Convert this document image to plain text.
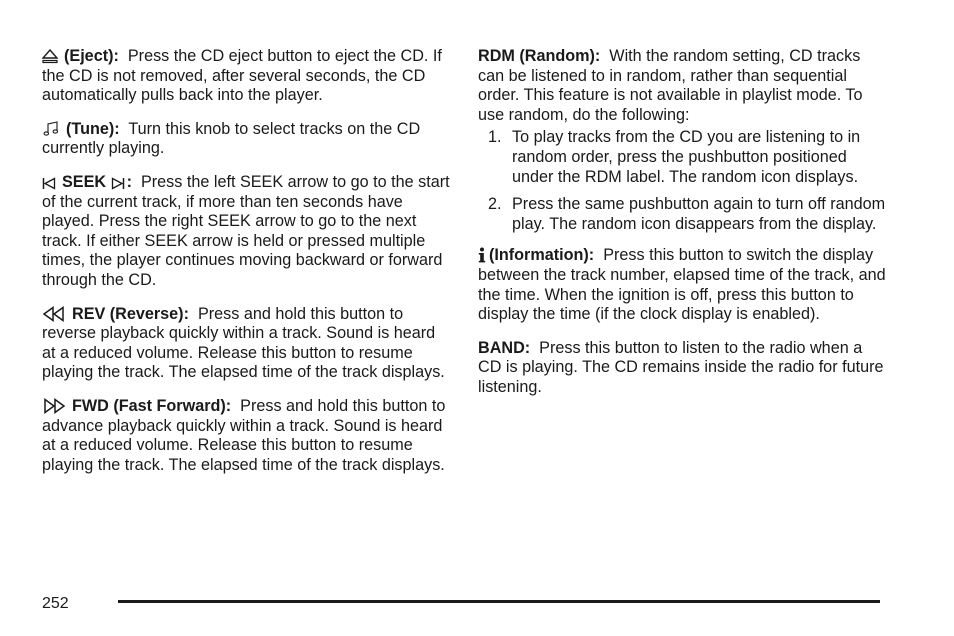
(Eject): Press the CD eject button to eject the CD. If the CD is not removed, after several seconds, the CD automatically pulls back into the player.

(Tune): Turn this knob to select tracks on the CD currently playing.

SEEK : Press the left SEEK arrow to go to the start of the current track, if more than ten seconds have played. Press the right SEEK arrow to go to the next track. If either SEEK arrow is held or pressed multiple times, the player continues moving backward or forward through the CD.

REV (Reverse): Press and hold this button to reverse playback quickly within a track. Sound is heard at a reduced volume. Release this button to resume playing the track. The elapsed time of the track displays.

FWD (Fast Forward): Press and hold this button to advance playback quickly within a track. Sound is heard at a reduced volume. Release this button to resume playing the track. The elapsed time of the track displays.

RDM (Random): With the random setting, CD tracks can be listened to in random, rather than sequential order. This feature is not available in playlist mode. To use random, do the following:

1. To play tracks from the CD you are listening to in random order, press the pushbutton positioned under the RDM label. The random icon displays.
2. Press the same pushbutton again to turn off random play. The random icon disappears from the display.

(Information): Press this button to switch the display between the track number, elapsed time of the track, and the time. When the ignition is off, press this button to display the time (if the clock display is enabled).

BAND: Press this button to listen to the radio when a CD is playing. The CD remains inside the radio for future listening.

252
